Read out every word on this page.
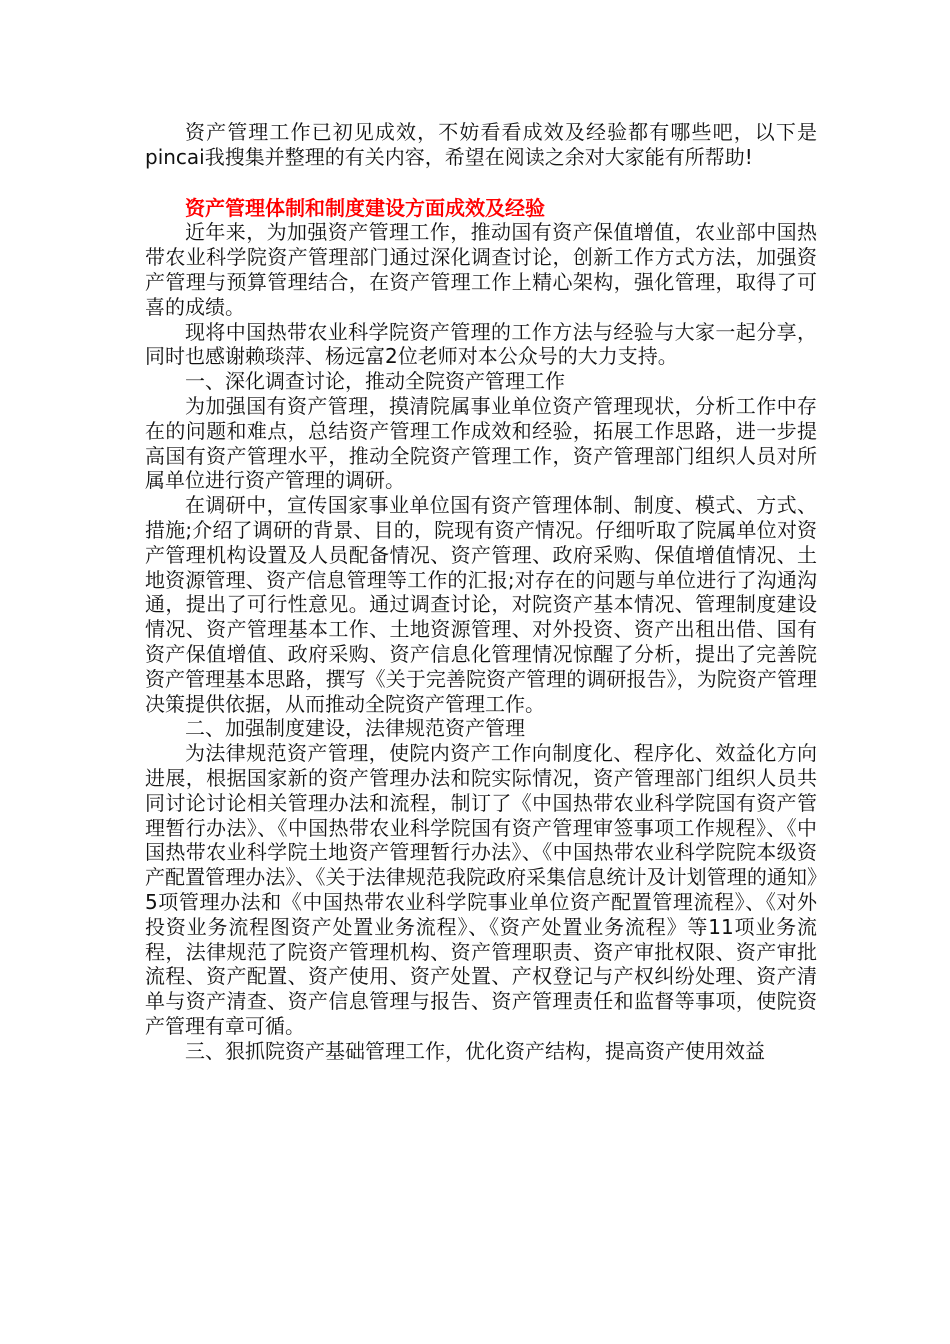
资产管理工作已初见成效，不妨看看成效及经验都有哪些吧，以下是pincai我搜集并整理的有关内容，希望在阅读之余对大家能有所帮助!

资产管理体制和制度建设方面成效及经验

近年来，为加强资产管理工作，推动国有资产保值增值，农业部中国热带农业科学院资产管理部门通过深化调查讨论，创新工作方式方法，加强资产管理与预算管理结合，在资产管理工作上精心架构，强化管理，取得了可喜的成绩。

现将中国热带农业科学院资产管理的工作方法与经验与大家一起分享，同时也感谢赖琰萍、杨远富2位老师对本公众号的大力支持。

一、深化调查讨论，推动全院资产管理工作

为加强国有资产管理，摸清院属事业单位资产管理现状，分析工作中存在的问题和难点，总结资产管理工作成效和经验，拓展工作思路，进一步提高国有资产管理水平，推动全院资产管理工作，资产管理部门组织人员对所属单位进行资产管理的调研。

在调研中，宣传国家事业单位国有资产管理体制、制度、模式、方式、措施;介绍了调研的背景、目的，院现有资产情况。仔细听取了院属单位对资产管理机构设置及人员配备情况、资产管理、政府采购、保值增值情况、土地资源管理、资产信息管理等工作的汇报;对存在的问题与单位进行了沟通沟通，提出了可行性意见。通过调查讨论，对院资产基本情况、管理制度建设情况、资产管理基本工作、土地资源管理、对外投资、资产出租出借、国有资产保值增值、政府采购、资产信息化管理情况惊醒了分析，提出了完善院资产管理基本思路，撰写《关于完善院资产管理的调研报告》，为院资产管理决策提供依据，从而推动全院资产管理工作。

二、加强制度建设，法律规范资产管理

为法律规范资产管理，使院内资产工作向制度化、程序化、效益化方向进展，根据国家新的资产管理办法和院实际情况，资产管理部门组织人员共同讨论讨论相关管理办法和流程，制订了《中国热带农业科学院国有资产管理暂行办法》、《中国热带农业科学院国有资产管理审签事项工作规程》、《中国热带农业科学院土地资产管理暂行办法》、《中国热带农业科学院院本级资产配置管理办法》、《关于法律规范我院政府采集信息统计及计划管理的通知》5项管理办法和《中国热带农业科学院事业单位资产配置管理流程》、《对外投资业务流程图资产处置业务流程》、《资产处置业务流程》等11项业务流程，法律规范了院资产管理机构、资产管理职责、资产审批权限、资产审批流程、资产配置、资产使用、资产处置、产权登记与产权纠纷处理、资产清单与资产清查、资产信息管理与报告、资产管理责任和监督等事项，使院资产管理有章可循。

三、狠抓院资产基础管理工作，优化资产结构，提高资产使用效益
